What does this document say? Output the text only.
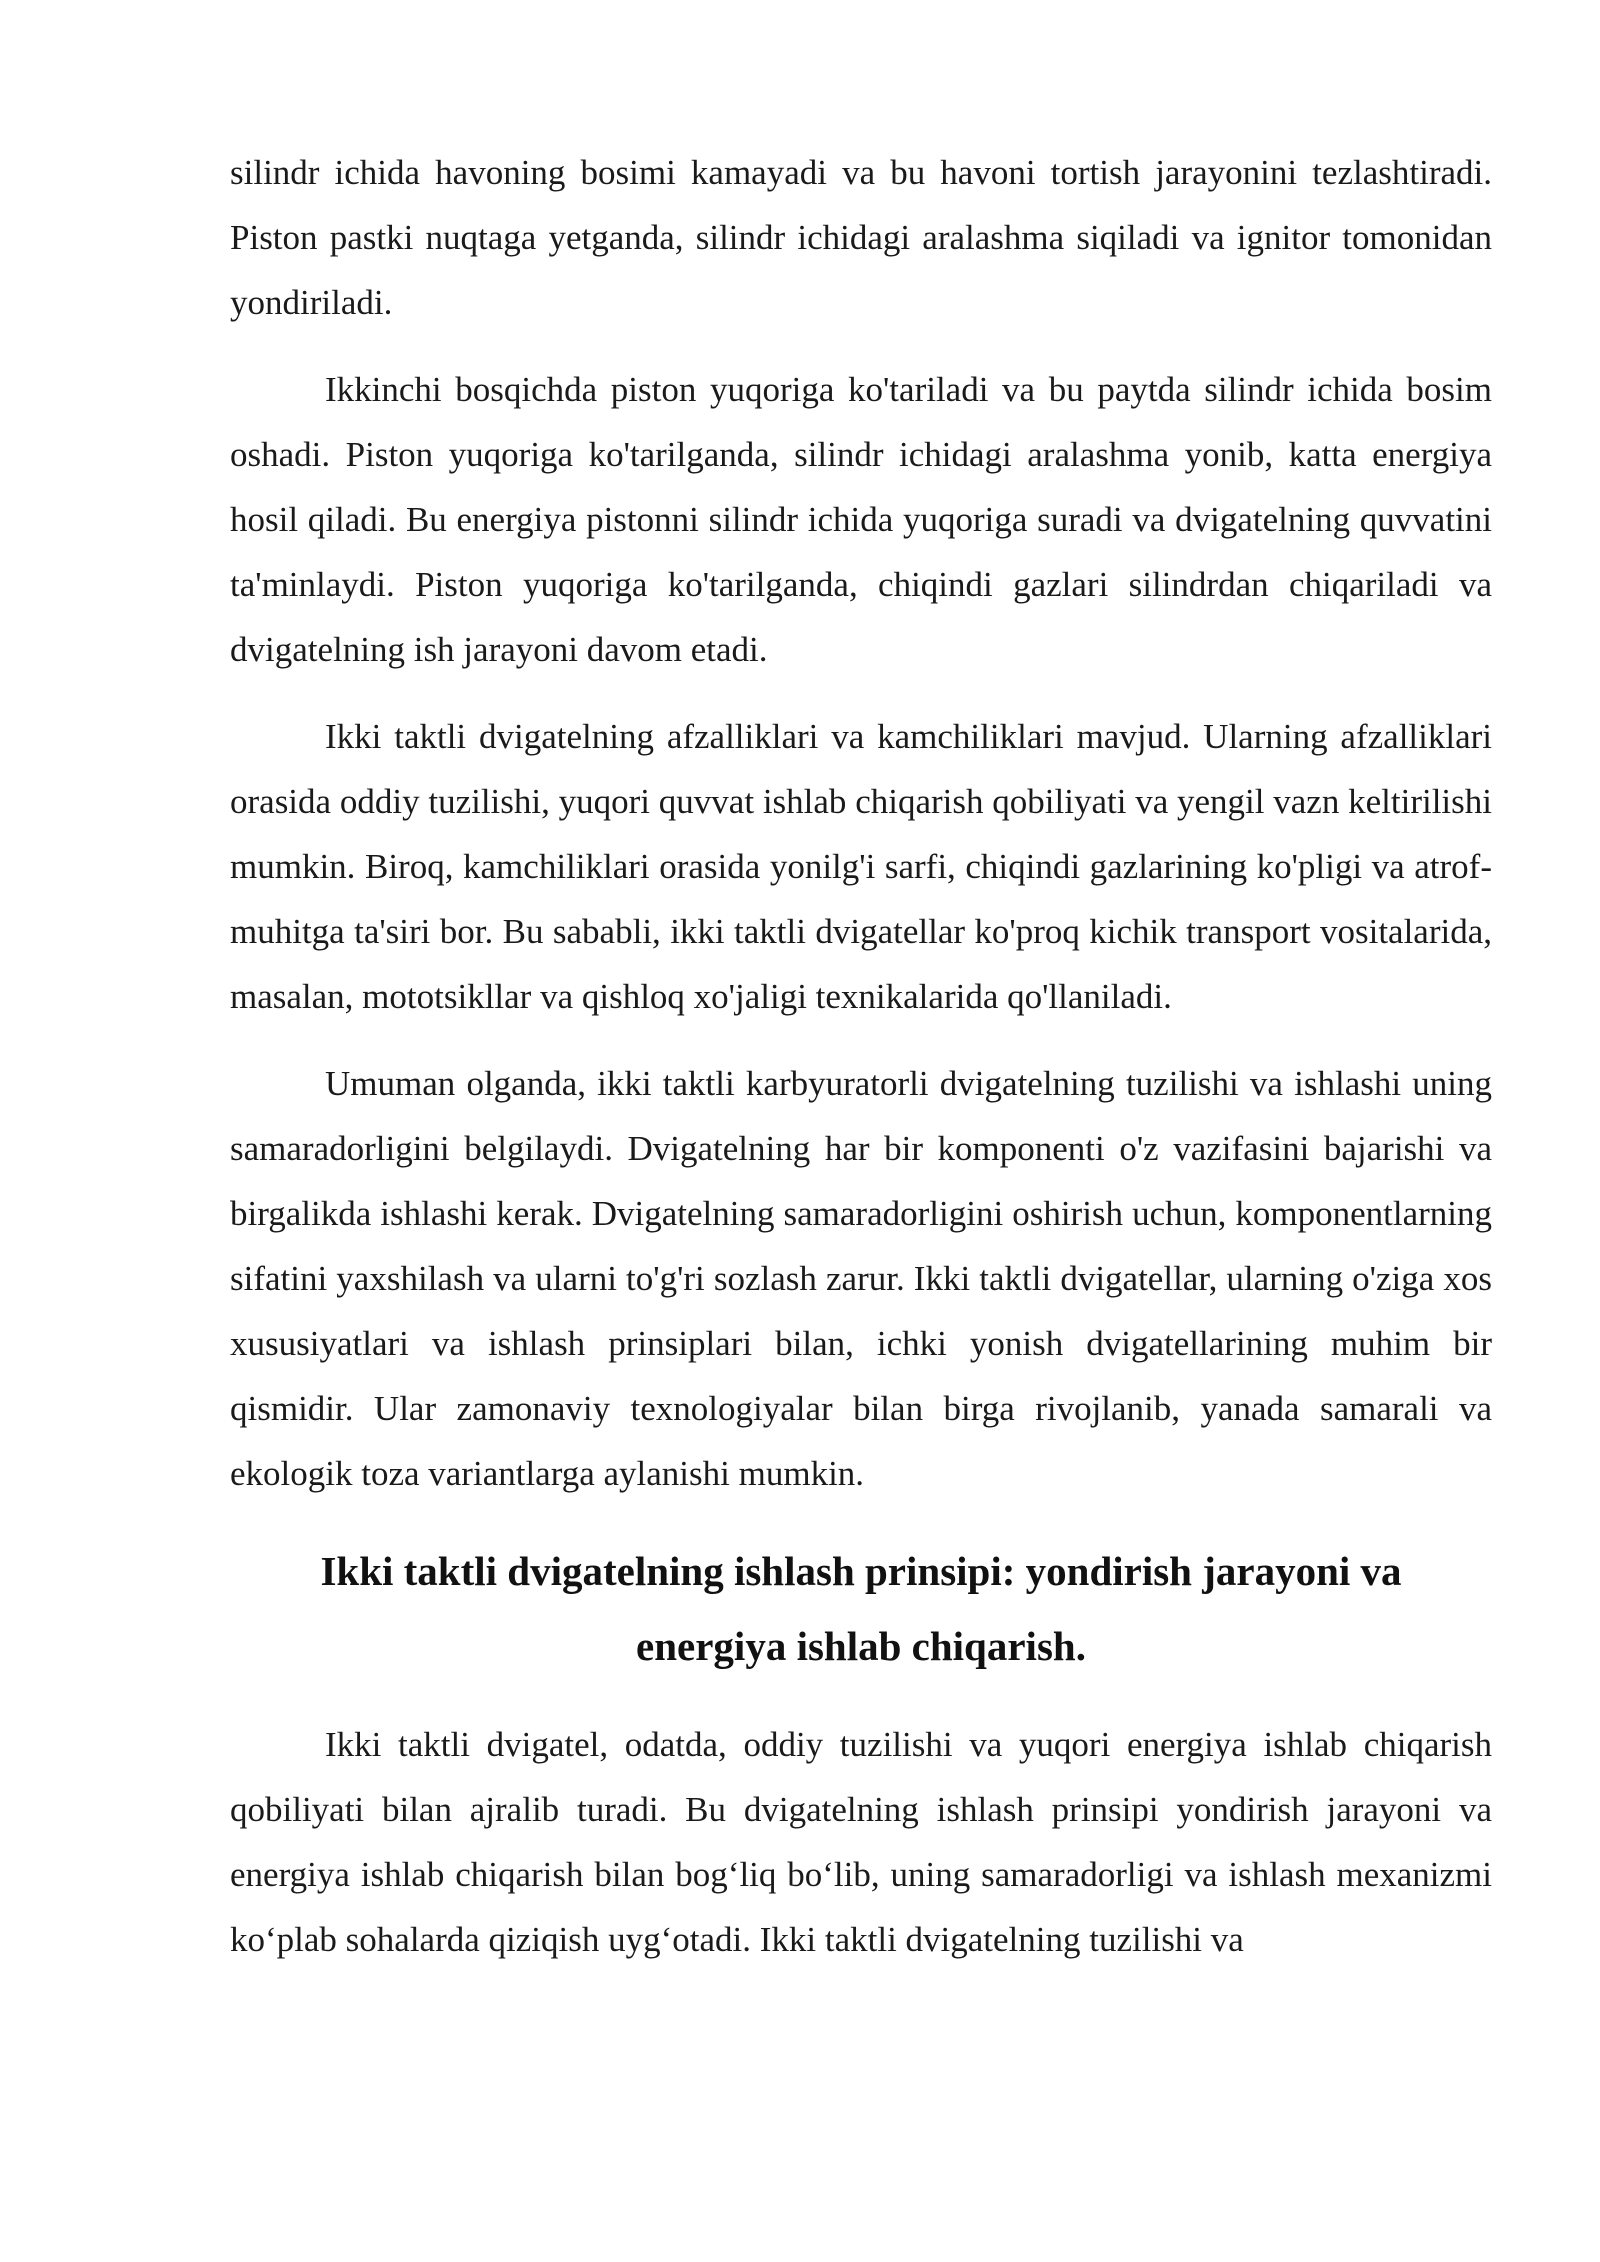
silindr ichida havoning bosimi kamayadi va bu havoni tortish jarayonini tezlashtiradi. Piston pastki nuqtaga yetganda, silindr ichidagi aralashma siqiladi va ignitor tomonidan yondiriladi.

Ikkinchi bosqichda piston yuqoriga ko'tariladi va bu paytda silindr ichida bosim oshadi. Piston yuqoriga ko'tarilganda, silindr ichidagi aralashma yonib, katta energiya hosil qiladi. Bu energiya pistonni silindr ichida yuqoriga suradi va dvigatelning quvvatini ta'minlaydi. Piston yuqoriga ko'tarilganda, chiqindi gazlari silindrdan chiqariladi va dvigatelning ish jarayoni davom etadi.

Ikki taktli dvigatelning afzalliklari va kamchiliklari mavjud. Ularning afzalliklari orasida oddiy tuzilishi, yuqori quvvat ishlab chiqarish qobiliyati va yengil vazn keltirilishi mumkin. Biroq, kamchiliklari orasida yonilg'i sarfi, chiqindi gazlarining ko'pligi va atrof-muhitga ta'siri bor. Bu sababli, ikki taktli dvigatellar ko'proq kichik transport vositalarida, masalan, mototsikllar va qishloq xo'jaligi texnikalarida qo'llaniladi.

Umuman olganda, ikki taktli karbyuratorli dvigatelning tuzilishi va ishlashi uning samaradorligini belgilaydi. Dvigatelning har bir komponenti o'z vazifasini bajarishi va birgalikda ishlashi kerak. Dvigatelning samaradorligini oshirish uchun, komponentlarning sifatini yaxshilash va ularni to'g'ri sozlash zarur. Ikki taktli dvigatellar, ularning o'ziga xos xususiyatlari va ishlash prinsiplari bilan, ichki yonish dvigatellarining muhim bir qismidir. Ular zamonaviy texnologiyalar bilan birga rivojlanib, yanada samarali va ekologik toza variantlarga aylanishi mumkin.

Ikki taktli dvigatelning ishlash prinsipi: yondirish jarayoni va
energiya ishlab chiqarish.

Ikki taktli dvigatel, odatda, oddiy tuzilishi va yuqori energiya ishlab chiqarish qobiliyati bilan ajralib turadi. Bu dvigatelning ishlash prinsipi yondirish jarayoni va energiya ishlab chiqarish bilan bog‘liq bo‘lib, uning samaradorligi va ishlash mexanizmi ko‘plab sohalarda qiziqish uyg‘otadi. Ikki taktli dvigatelning tuzilishi va
